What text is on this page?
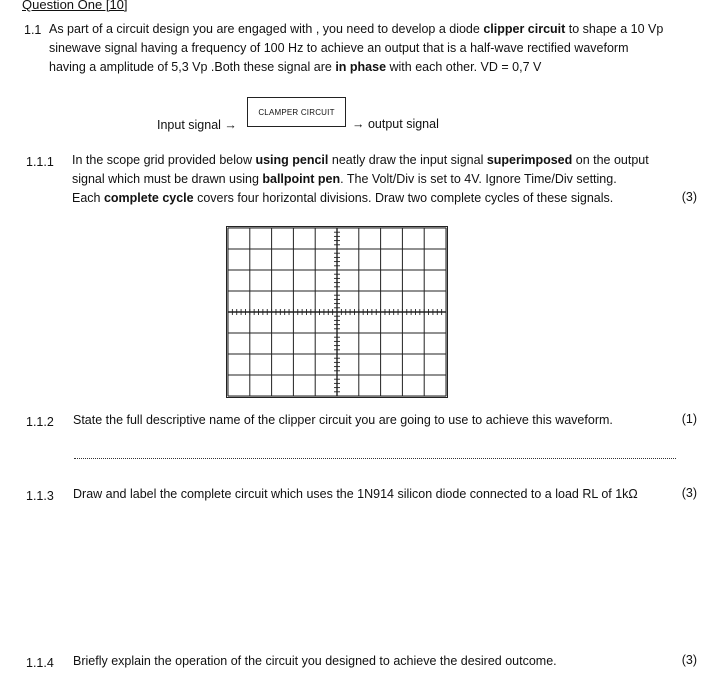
Question One [10]
1.1 As part of a circuit design you are engaged with , you need to develop a diode clipper circuit to shape a 10 Vp
sinewave signal having a frequency of 100 Hz to achieve an output that is a half-wave rectified waveform
having a amplitude of 5,3 Vp .Both these signal are in phase with each other. VD = 0,7 V
Input signal →
CLAMPER CIRCUIT
→ output signal
1.1.1 In the scope grid provided below using pencil neatly draw the input signal superimposed on the output
signal which must be drawn using ballpoint pen. The Volt/Div is set to 4V. Ignore Time/Div setting.
Each complete cycle covers four horizontal divisions. Draw two complete cycles of these signals.	(3)
1.1.2 State the full descriptive name of the clipper circuit you are going to use to achieve this waveform.	(1)
1.1.3 Draw and label the complete circuit which uses the 1N914 silicon diode connected to a load RL of 1kΩ	(3)
1.1.4 Briefly explain the operation of the circuit you designed to achieve the desired outcome.	(3)
